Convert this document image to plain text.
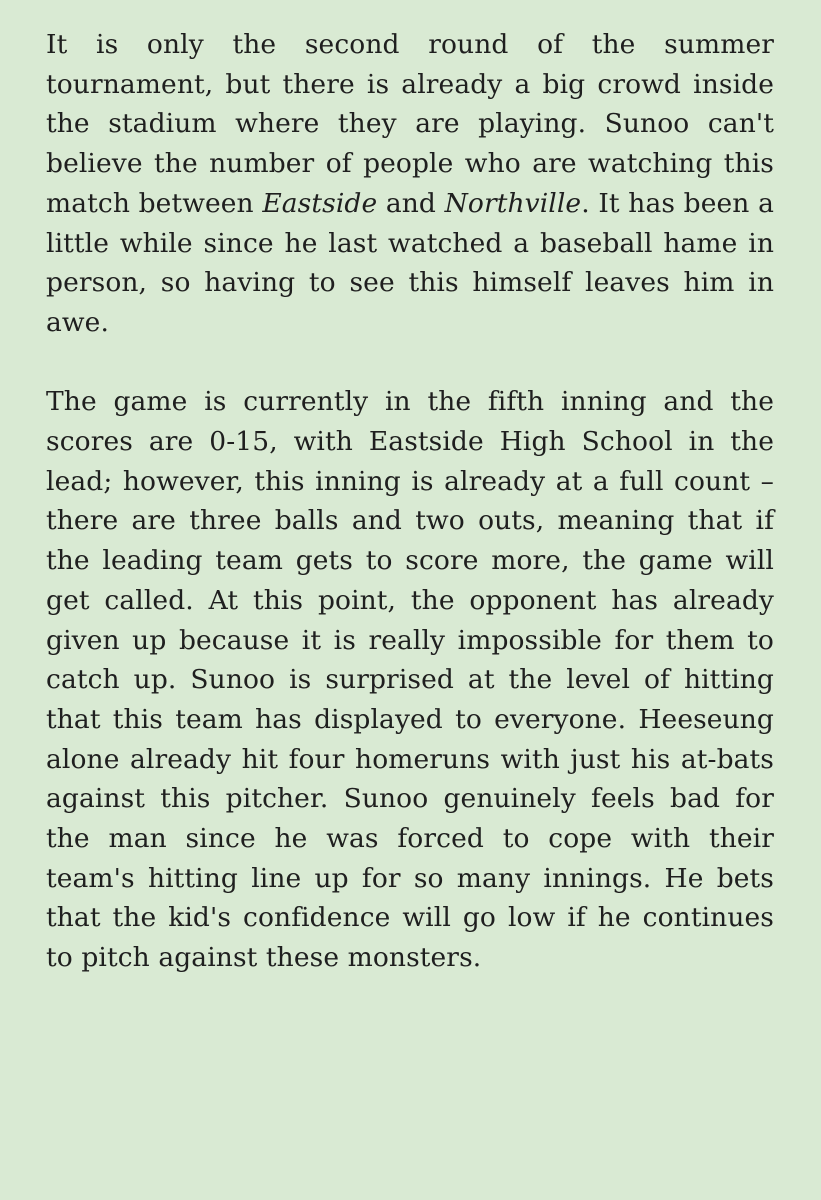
It is only the second round of the summer tournament, but there is already a big crowd inside the stadium where they are playing. Sunoo can't believe the number of people who are watching this match between Eastside and Northville. It has been a little while since he last watched a baseball hame in person, so having to see this himself leaves him in awe.

The game is currently in the fifth inning and the scores are 0-15, with Eastside High School in the lead; however, this inning is already at a full count – there are three balls and two outs, meaning that if the leading team gets to score more, the game will get called. At this point, the opponent has already given up because it is really impossible for them to catch up. Sunoo is surprised at the level of hitting that this team has displayed to everyone. Heeseung alone already hit four homeruns with just his at-bats against this pitcher. Sunoo genuinely feels bad for the man since he was forced to cope with their team's hitting line up for so many innings. He bets that the kid's confidence will go low if he continues to pitch against these monsters.
